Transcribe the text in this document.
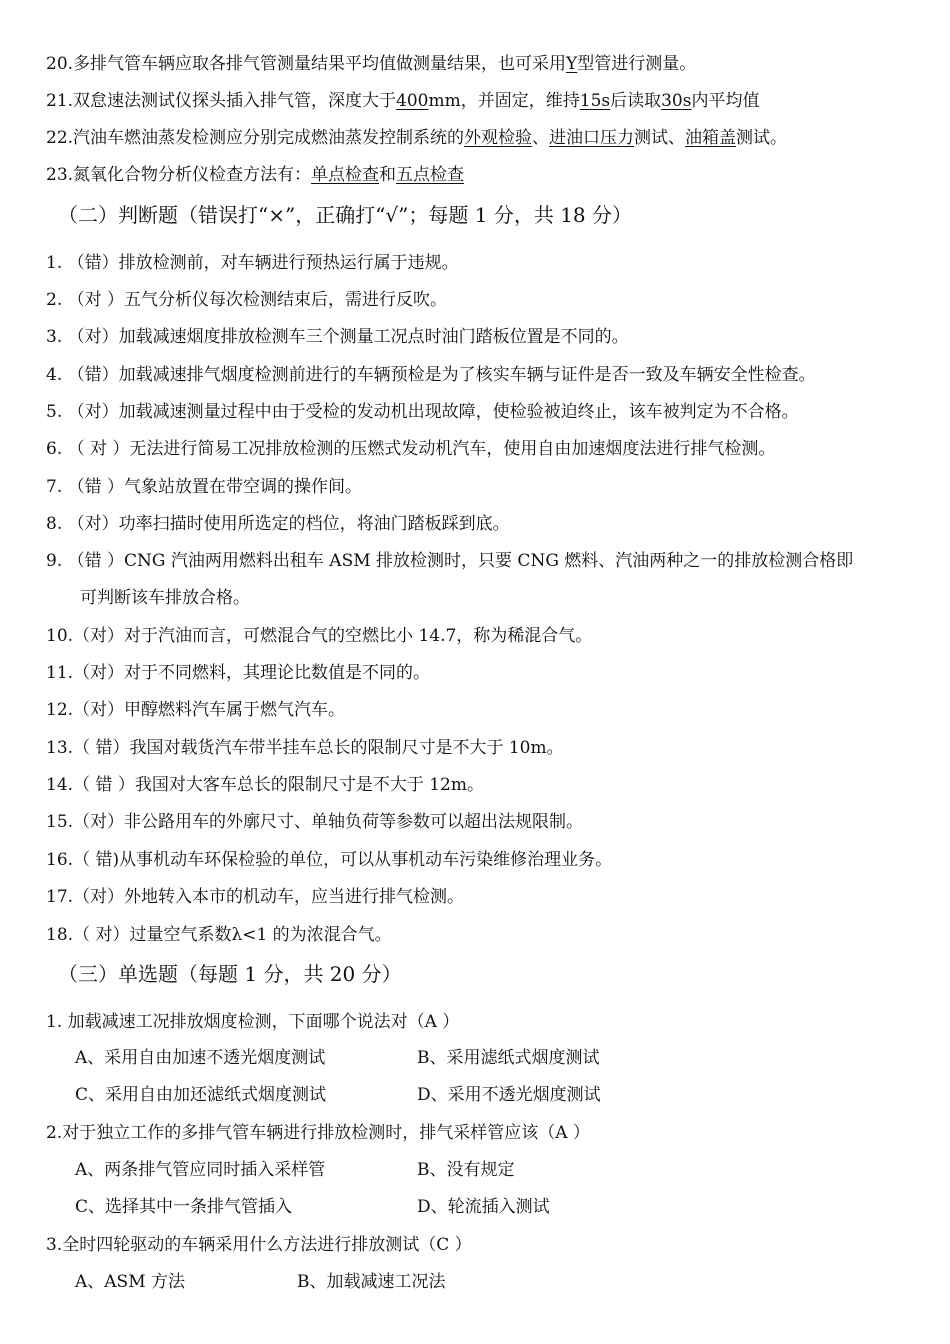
20.多排气管车辆应取各排气管测量结果平均值做测量结果，也可采用Y型管进行测量。
21.双怠速法测试仪探头插入排气管，深度大于400mm，并固定，维持15s后读取30s内平均值
22.汽油车燃油蒸发检测应分别完成燃油蒸发控制系统的外观检验、进油口压力测试、油箱盖测试。
23.氮氧化合物分析仪检查方法有：单点检查和五点检查
（二）判断题（错误打“×”，正确打“√”；每题 1 分，共 18 分）
1. （错）排放检测前，对车辆进行预热运行属于违规。
2. （对 ）五气分析仪每次检测结束后，需进行反吹。
3. （对）加载减速烟度排放检测车三个测量工况点时油门踏板位置是不同的。
4. （错）加载减速排气烟度检测前进行的车辆预检是为了核实车辆与证件是否一致及车辆安全性检查。
5. （对）加载减速测量过程中由于受检的发动机出现故障，使检验被迫终止，该车被判定为不合格。
6. （ 对 ）无法进行简易工况排放检测的压燃式发动机汽车，使用自由加速烟度法进行排气检测。
7. （错 ）气象站放置在带空调的操作间。
8. （对）功率扫描时使用所选定的档位，将油门踏板踩到底。
9. （错 ）CNG 汽油两用燃料出租车 ASM 排放检测时，只要 CNG 燃料、汽油两种之一的排放检测合格即
可判断该车排放合格。
10.（对）对于汽油而言，可燃混合气的空燃比小 14.7，称为稀混合气。
11.（对）对于不同燃料，其理论比数值是不同的。
12.（对）甲醇燃料汽车属于燃气汽车。
13.（ 错）我国对载货汽车带半挂车总长的限制尺寸是不大于 10m。
14.（ 错 ）我国对大客车总长的限制尺寸是不大于 12m。
15.（对）非公路用车的外廓尺寸、单轴负荷等参数可以超出法规限制。
16.（ 错)从事机动车环保检验的单位，可以从事机动车污染维修治理业务。
17.（对）外地转入本市的机动车，应当进行排气检测。
18.（ 对）过量空气系数λ<1 的为浓混合气。
（三）单选题（每题 1 分，共 20 分）
1. 加载减速工况排放烟度检测，下面哪个说法对（A ）
A、采用自由加速不透光烟度测试	B、采用滤纸式烟度测试
C、采用自由加还滤纸式烟度测试	D、采用不透光烟度测试
2.对于独立工作的多排气管车辆进行排放检测时，排气采样管应该（A ）
A、两条排气管应同时插入采样管	B、没有规定
C、选择其中一条排气管插入	D、轮流插入测试
3.全时四轮驱动的车辆采用什么方法进行排放测试（C ）
A、ASM 方法	B、加载减速工况法
